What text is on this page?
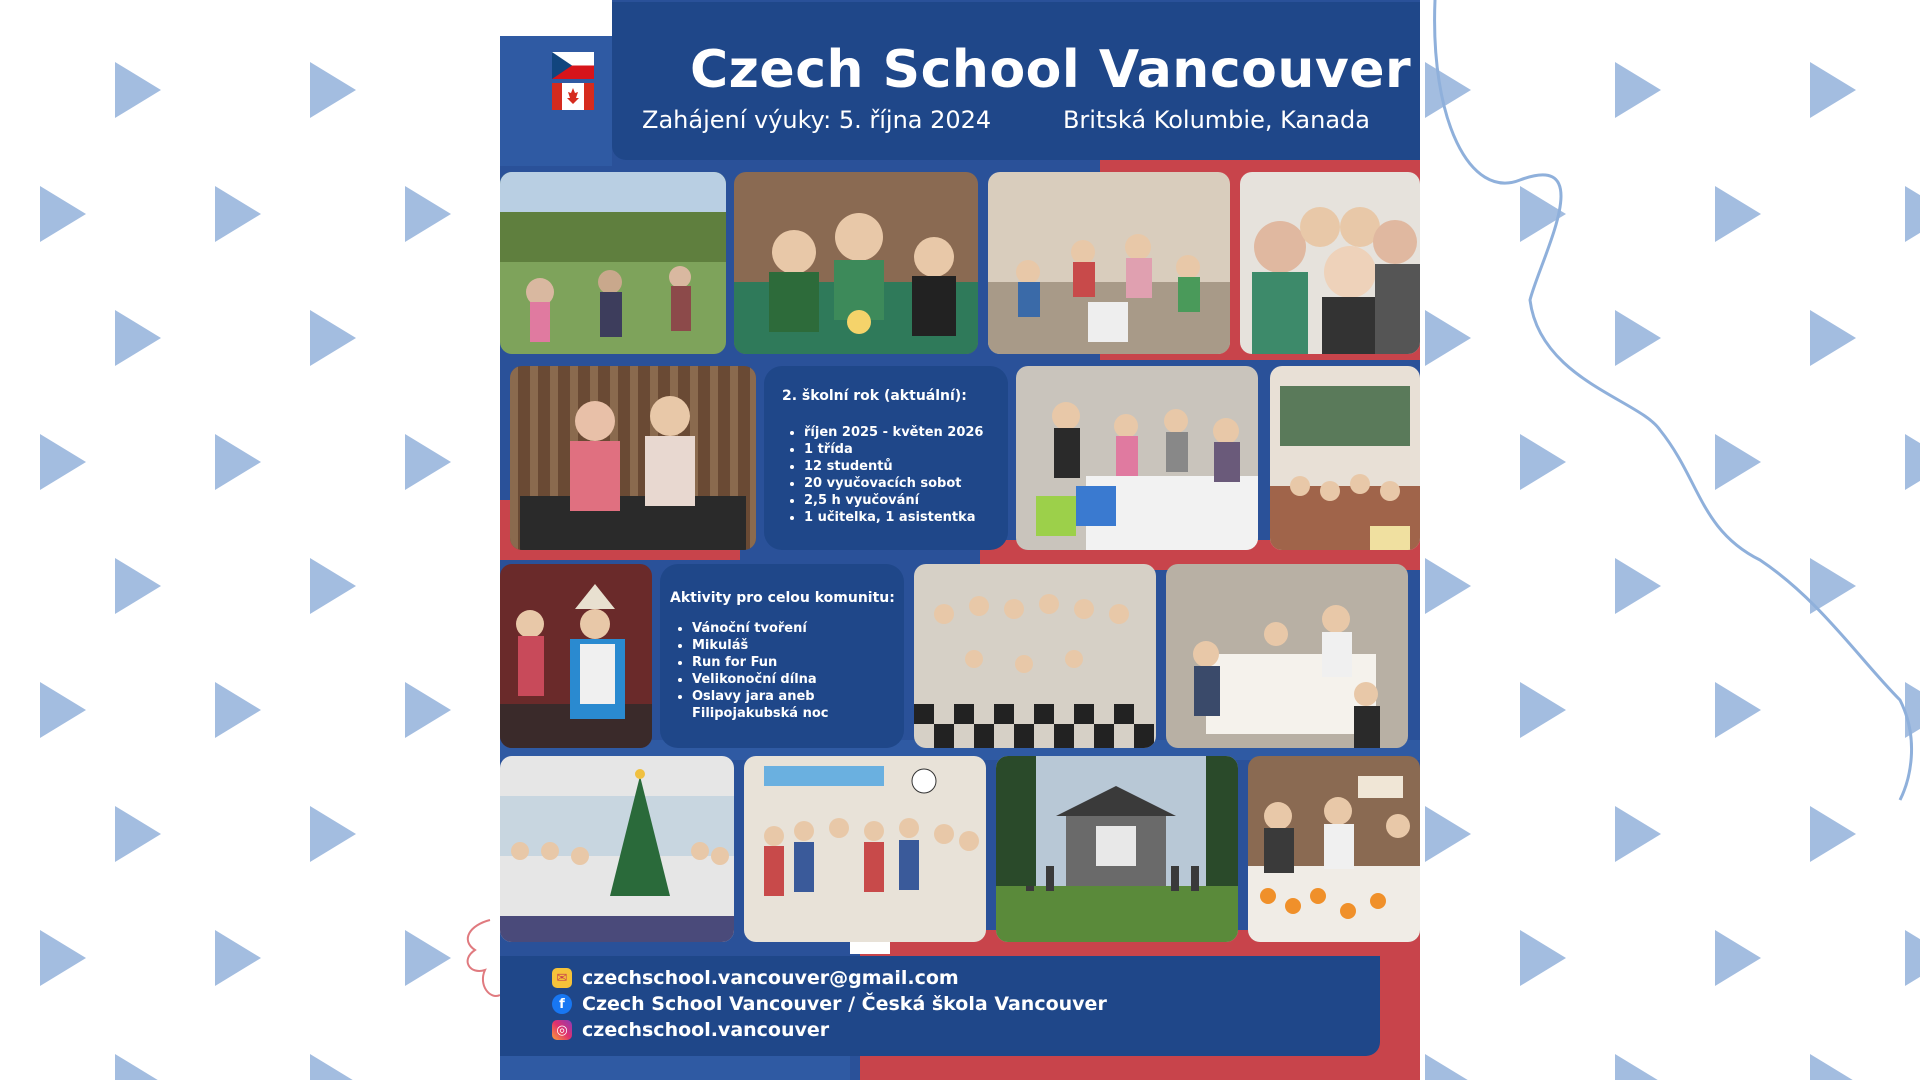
Czech School Vancouver
Zahájení výuky: 5. října 2024	Britská Kolumbie, Kanada
2. školní rok (aktuální):
• říjen 2025 - květen 2026
• 1 třída
• 12 studentů
• 20 vyučovacích sobot
• 2,5 h vyučování
• 1 učitelka, 1 asistentka
Aktivity pro celou komunitu:
• Vánoční tvoření
• Mikuláš
• Run for Fun
• Velikonoční dílna
• Oslavy jara aneb Filipojakubská noc
✉ czechschool.vancouver@gmail.com
f Czech School Vancouver / Česká škola Vancouver
◎ czechschool.vancouver
